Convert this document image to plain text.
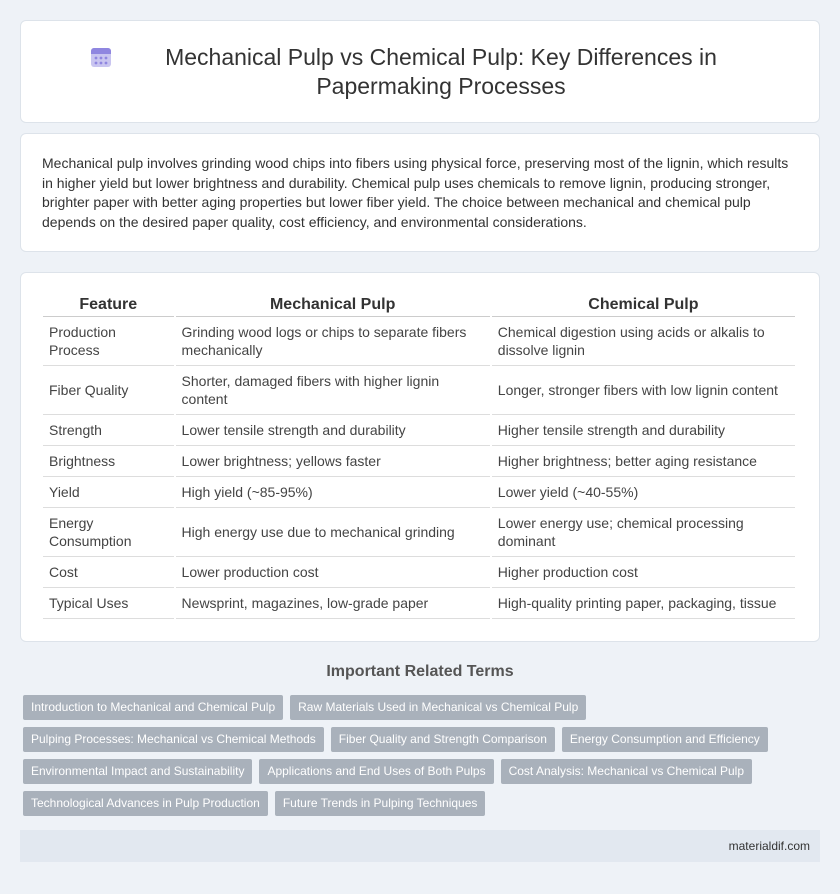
Mechanical Pulp vs Chemical Pulp: Key Differences in Papermaking Processes

Mechanical pulp involves grinding wood chips into fibers using physical force, preserving most of the lignin, which results in higher yield but lower brightness and durability. Chemical pulp uses chemicals to remove lignin, producing stronger, brighter paper with better aging properties but lower fiber yield. The choice between mechanical and chemical pulp depends on the desired paper quality, cost efficiency, and environmental considerations.

Feature	Mechanical Pulp	Chemical Pulp
Production Process	Grinding wood logs or chips to separate fibers mechanically	Chemical digestion using acids or alkalis to dissolve lignin
Fiber Quality	Shorter, damaged fibers with higher lignin content	Longer, stronger fibers with low lignin content
Strength	Lower tensile strength and durability	Higher tensile strength and durability
Brightness	Lower brightness; yellows faster	Higher brightness; better aging resistance
Yield	High yield (~85-95%)	Lower yield (~40-55%)
Energy Consumption	High energy use due to mechanical grinding	Lower energy use; chemical processing dominant
Cost	Lower production cost	Higher production cost
Typical Uses	Newsprint, magazines, low-grade paper	High-quality printing paper, packaging, tissue
Important Related Terms
Introduction to Mechanical and Chemical Pulp	Raw Materials Used in Mechanical vs Chemical Pulp
Pulping Processes: Mechanical vs Chemical Methods	Fiber Quality and Strength Comparison	Energy Consumption and Efficiency
Environmental Impact and Sustainability	Applications and End Uses of Both Pulps	Cost Analysis: Mechanical vs Chemical Pulp
Technological Advances in Pulp Production	Future Trends in Pulping Techniques
materialdif.com
